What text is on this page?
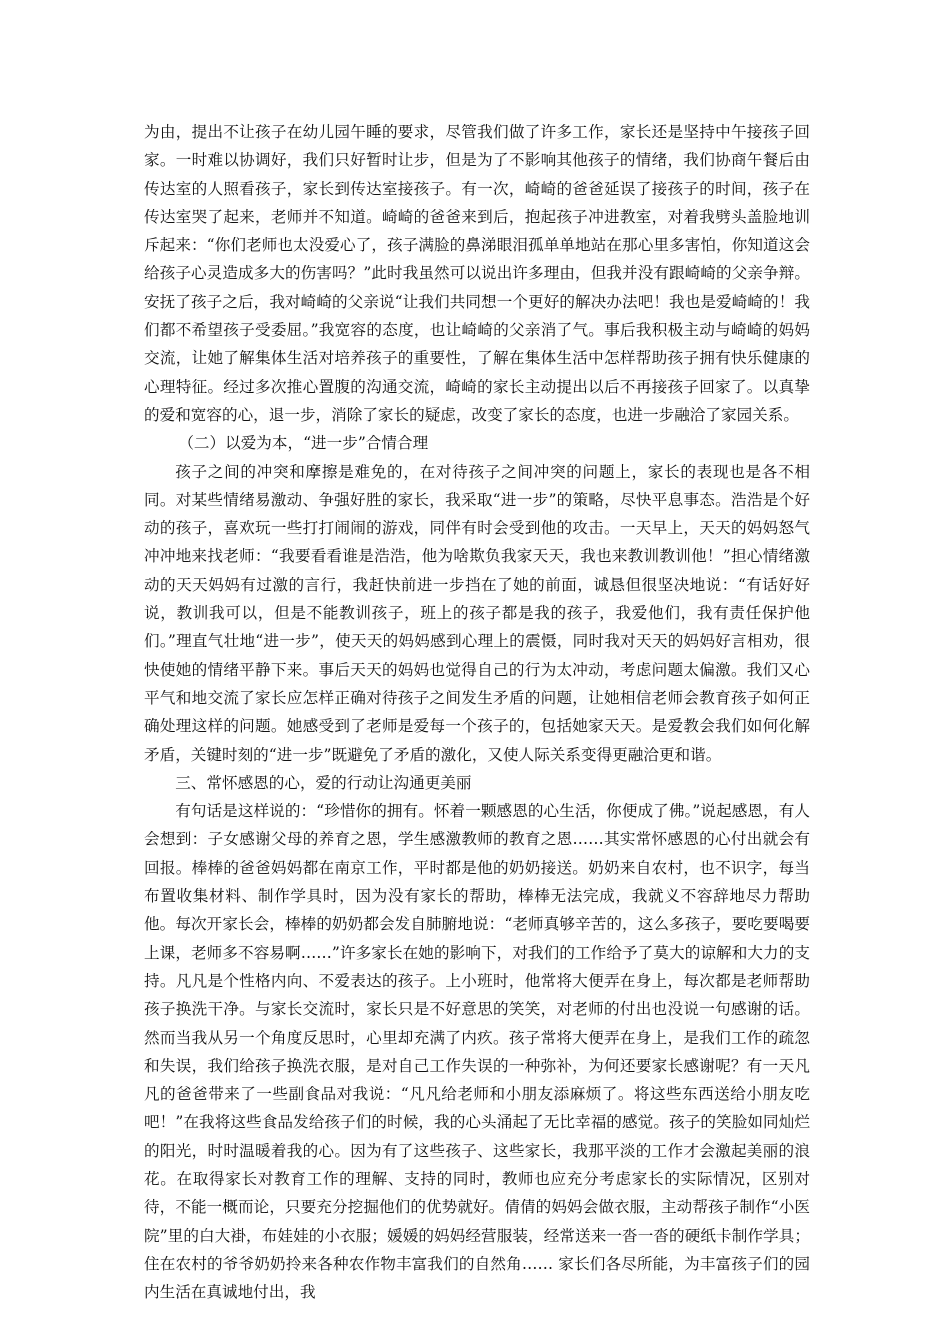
为由，提出不让孩子在幼儿园午睡的要求，尽管我们做了许多工作，家长还是坚持中午接孩子回家。一时难以协调好，我们只好暂时让步，但是为了不影响其他孩子的情绪，我们协商午餐后由传达室的人照看孩子，家长到传达室接孩子。有一次，崎崎的爸爸延误了接孩子的时间，孩子在传达室哭了起来，老师并不知道。崎崎的爸爸来到后，抱起孩子冲进教室，对着我劈头盖脸地训斥起来：“你们老师也太没爱心了，孩子满脸的鼻涕眼泪孤单单地站在那心里多害怕，你知道这会给孩子心灵造成多大的伤害吗？”此时我虽然可以说出许多理由，但我并没有跟崎崎的父亲争辩。安抚了孩子之后，我对崎崎的父亲说“让我们共同想一个更好的解决办法吧！我也是爱崎崎的！我们都不希望孩子受委屈。”我宽容的态度，也让崎崎的父亲消了气。事后我积极主动与崎崎的妈妈交流，让她了解集体生活对培养孩子的重要性，了解在集体生活中怎样帮助孩子拥有快乐健康的心理特征。经过多次推心置腹的沟通交流，崎崎的家长主动提出以后不再接孩子回家了。以真挚的爱和宽容的心，退一步，消除了家长的疑虑，改变了家长的态度，也进一步融洽了家园关系。

（二）以爱为本，“进一步”合情合理

孩子之间的冲突和摩擦是难免的，在对待孩子之间冲突的问题上，家长的表现也是各不相同。对某些情绪易激动、争强好胜的家长，我采取“进一步”的策略，尽快平息事态。浩浩是个好动的孩子，喜欢玩一些打打闹闹的游戏，同伴有时会受到他的攻击。一天早上，天天的妈妈怒气冲冲地来找老师：“我要看看谁是浩浩，他为啥欺负我家天天，我也来教训教训他！”担心情绪激动的天天妈妈有过激的言行，我赶快前进一步挡在了她的前面，诚恳但很坚决地说：“有话好好说，教训我可以，但是不能教训孩子，班上的孩子都是我的孩子，我爱他们，我有责任保护他们。”理直气壮地“进一步”，使天天的妈妈感到心理上的震慑，同时我对天天的妈妈好言相劝，很快使她的情绪平静下来。事后天天的妈妈也觉得自己的行为太冲动，考虑问题太偏激。我们又心平气和地交流了家长应怎样正确对待孩子之间发生矛盾的问题，让她相信老师会教育孩子如何正确处理这样的问题。她感受到了老师是爱每一个孩子的，包括她家天天。是爱教会我们如何化解矛盾，关键时刻的“进一步”既避免了矛盾的激化，又使人际关系变得更融洽更和谐。

三、常怀感恩的心，爱的行动让沟通更美丽

有句话是这样说的：“珍惜你的拥有。怀着一颗感恩的心生活，你便成了佛。”说起感恩，有人会想到：子女感谢父母的养育之恩，学生感激教师的教育之恩……其实常怀感恩的心付出就会有回报。棒棒的爸爸妈妈都在南京工作，平时都是他的奶奶接送。奶奶来自农村，也不识字，每当布置收集材料、制作学具时，因为没有家长的帮助，棒棒无法完成，我就义不容辞地尽力帮助他。每次开家长会，棒棒的奶奶都会发自肺腑地说：“老师真够辛苦的，这么多孩子，要吃要喝要上课，老师多不容易啊……”许多家长在她的影响下，对我们的工作给予了莫大的谅解和大力的支持。凡凡是个性格内向、不爱表达的孩子。上小班时，他常将大便弄在身上，每次都是老师帮助孩子换洗干净。与家长交流时，家长只是不好意思的笑笑，对老师的付出也没说一句感谢的话。然而当我从另一个角度反思时，心里却充满了内疚。孩子常将大便弄在身上，是我们工作的疏忽和失误，我们给孩子换洗衣服，是对自己工作失误的一种弥补，为何还要家长感谢呢？有一天凡凡的爸爸带来了一些副食品对我说：“凡凡给老师和小朋友添麻烦了。将这些东西送给小朋友吃吧！”在我将这些食品发给孩子们的时候，我的心头涌起了无比幸福的感觉。孩子的笑脸如同灿烂的阳光，时时温暖着我的心。因为有了这些孩子、这些家长，我那平淡的工作才会激起美丽的浪花。在取得家长对教育工作的理解、支持的同时，教师也应充分考虑家长的实际情况，区别对待，不能一概而论，只要充分挖掘他们的优势就好。倩倩的妈妈会做衣服，主动帮孩子制作“小医院”里的白大褂，布娃娃的小衣服；媛媛的妈妈经营服装，经常送来一沓一沓的硬纸卡制作学具；住在农村的爷爷奶奶拎来各种农作物丰富我们的自然角…… 家长们各尽所能，为丰富孩子们的园内生活在真诚地付出，我
